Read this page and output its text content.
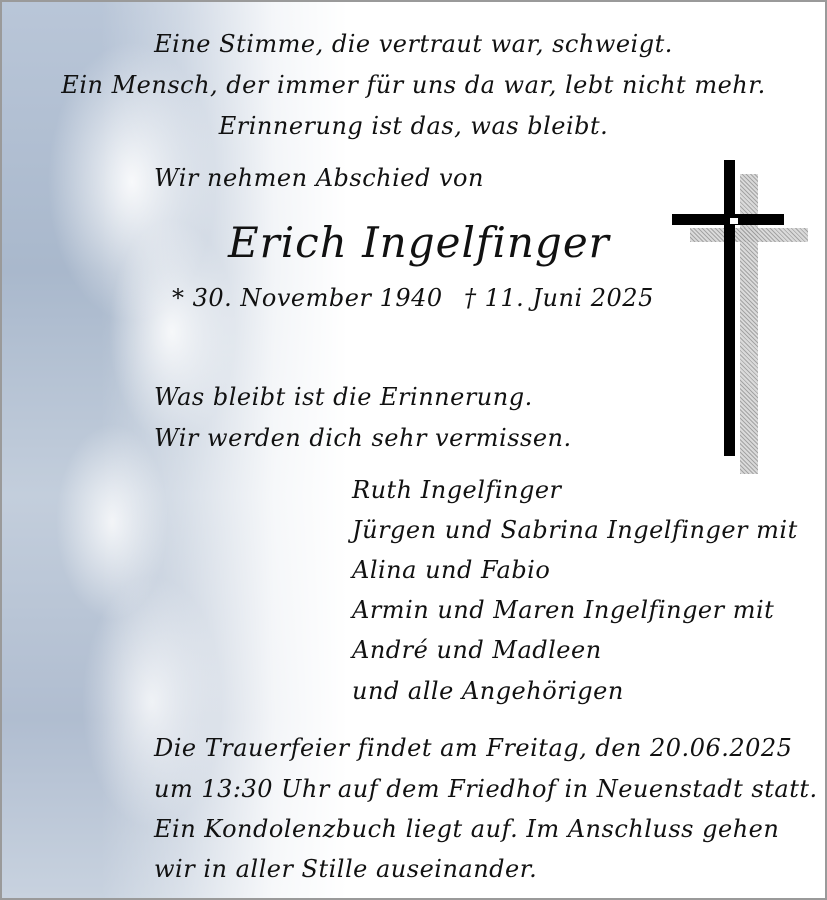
Eine Stimme, die vertraut war, schweigt.
Ein Mensch, der immer für uns da war, lebt nicht mehr.
Erinnerung ist das, was bleibt.
Wir nehmen Abschied von
Erich Ingelfinger
* 30. November 1940 † 11. Juni 2025
Was bleibt ist die Erinnerung.
Wir werden dich sehr vermissen.
Ruth Ingelfinger
Jürgen und Sabrina Ingelfinger mit
Alina und Fabio
Armin und Maren Ingelfinger mit
André und Madleen
und alle Angehörigen
Die Trauerfeier findet am Freitag, den 20.06.2025
um 13:30 Uhr auf dem Friedhof in Neuenstadt statt.
Ein Kondolenzbuch liegt auf. Im Anschluss gehen
wir in aller Stille auseinander.
